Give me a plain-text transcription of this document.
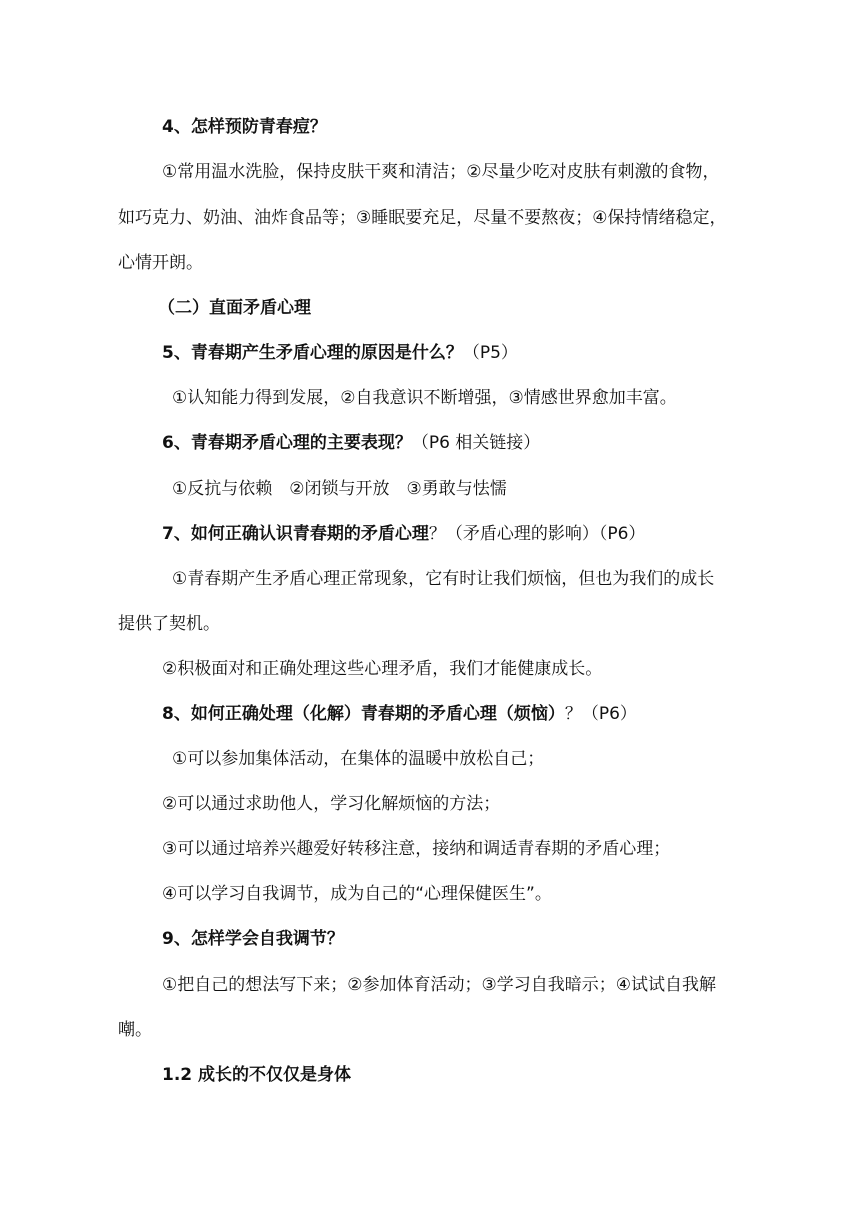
4、怎样预防青春痘？
①常用温水洗脸，保持皮肤干爽和清洁；②尽量少吃对皮肤有刺激的食物，
如巧克力、奶油、油炸食品等；③睡眠要充足，尽量不要熬夜；④保持情绪稳定，
心情开朗。
（二）直面矛盾心理
5、青春期产生矛盾心理的原因是什么？（P5）
①认知能力得到发展，②自我意识不断增强，③情感世界愈加丰富。
6、青春期矛盾心理的主要表现？（P6 相关链接）
①反抗与依赖　②闭锁与开放　③勇敢与怯懦
7、如何正确认识青春期的矛盾心理？（矛盾心理的影响）（P6）
①青春期产生矛盾心理正常现象，它有时让我们烦恼，但也为我们的成长
提供了契机。
②积极面对和正确处理这些心理矛盾，我们才能健康成长。
8、如何正确处理（化解）青春期的矛盾心理（烦恼）？（P6）
①可以参加集体活动，在集体的温暖中放松自己；
②可以通过求助他人，学习化解烦恼的方法；
③可以通过培养兴趣爱好转移注意，接纳和调适青春期的矛盾心理；
④可以学习自我调节，成为自己的“心理保健医生”。
9、怎样学会自我调节？
①把自己的想法写下来；②参加体育活动；③学习自我暗示；④试试自我解
嘲。
1.2 成长的不仅仅是身体
